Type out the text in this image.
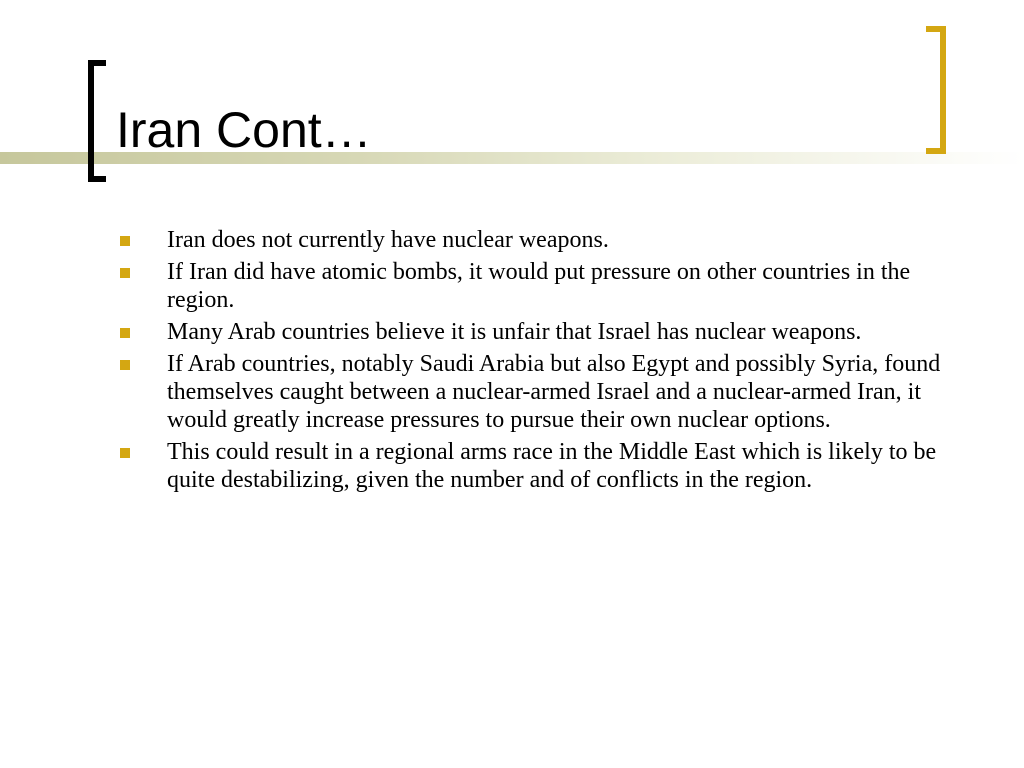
Iran Cont…
Iran does not currently have nuclear weapons.
If Iran did have atomic bombs, it would put pressure on other countries in the region.
Many Arab countries believe it is unfair that Israel has nuclear weapons.
If Arab countries, notably Saudi Arabia but also Egypt and possibly Syria, found themselves caught between a nuclear-armed Israel and a nuclear-armed Iran, it would greatly increase pressures to pursue their own nuclear options.
This could result in a regional arms race in the Middle East which is likely to be quite destabilizing, given the number and of conflicts in the region.
